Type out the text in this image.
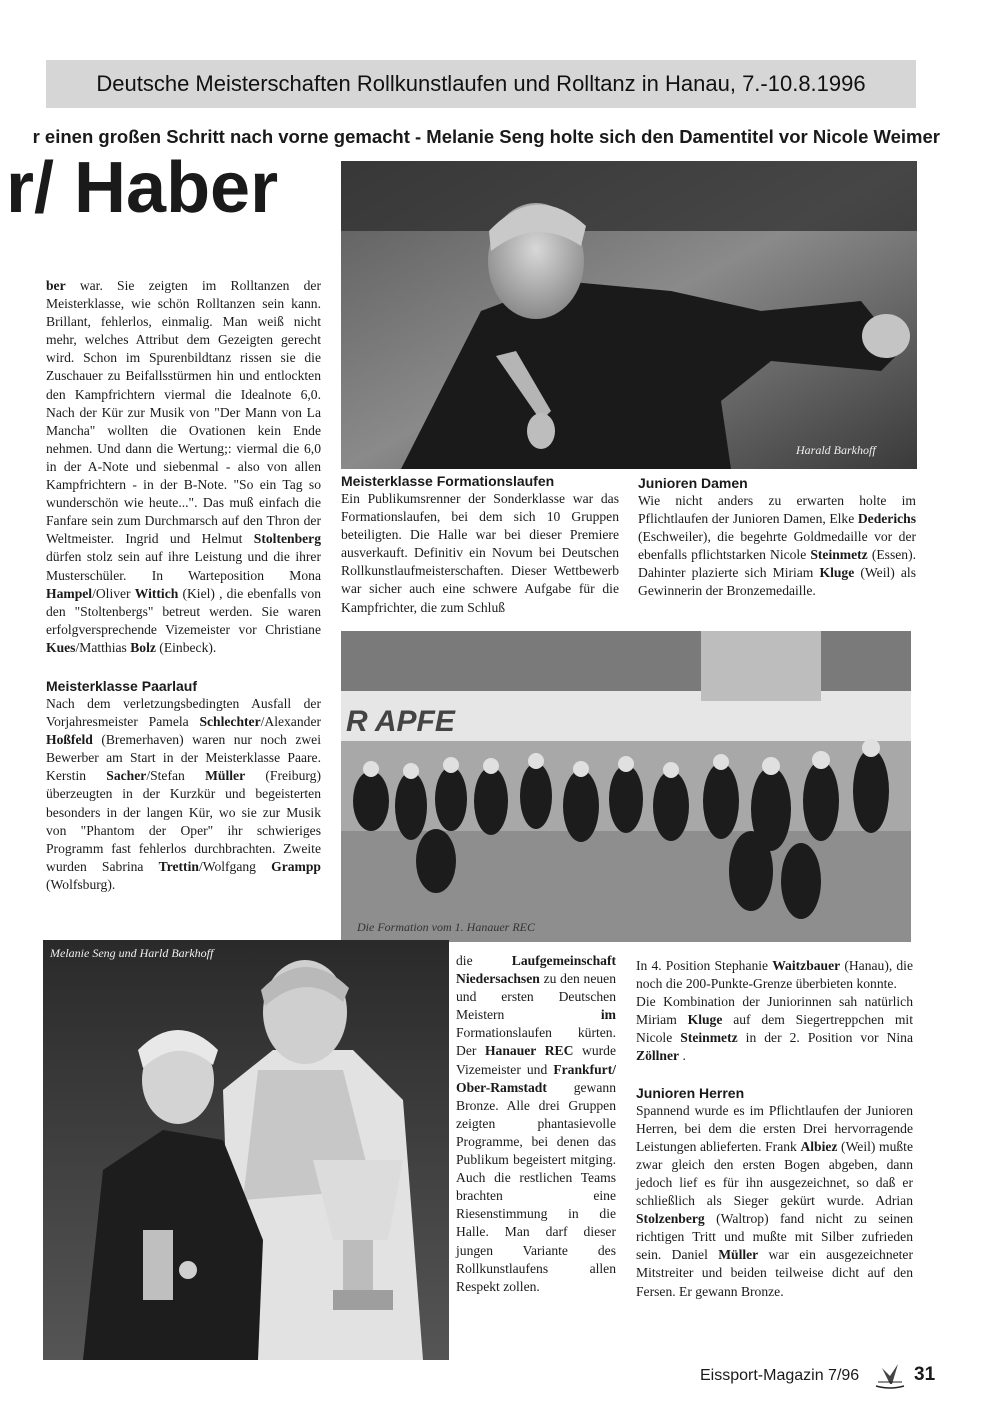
Deutsche Meisterschaften Rollkunstlaufen und Rolltanz in Hanau, 7.-10.8.1996
r einen großen Schritt nach vorne gemacht - Melanie Seng holte sich den Damentitel vor Nicole Weimer
r/ Haber
Harald Barkhoff
R APFE
Die Formation vom 1. Hanauer REC
Melanie Seng und Harld Barkhoff

ber war. Sie zeigten im Rolltanzen der Meisterklasse, wie schön Rolltanzen sein kann. Brillant, fehlerlos, einmalig. Man weiß nicht mehr, welches Attribut dem Gezeigten gerecht wird. Schon im Spurenbildtanz rissen sie die Zuschauer zu Beifallsstürmen hin und entlockten den Kampfrichtern viermal die Idealnote 6,0. Nach der Kür zur Musik von "Der Mann von La Mancha" wollten die Ovationen kein Ende nehmen. Und dann die Wertung;: viermal die 6,0 in der A-Note und siebenmal - also von allen Kampfrichtern - in der B-Note. "So ein Tag so wunderschön wie heute...". Das muß einfach die Fanfare sein zum Durchmarsch auf den Thron der Weltmeister. Ingrid und Helmut Stoltenberg dürfen stolz sein auf ihre Leistung und die ihrer Musterschüler. In Warteposition Mona Hampel/Oliver Wittich (Kiel) , die ebenfalls von den "Stoltenbergs" betreut werden. Sie waren erfolgversprechende Vizemeister vor Christiane Kues/Matthias Bolz (Einbeck).

Meisterklasse Paarlauf

Nach dem verletzungsbedingten Ausfall der Vorjahresmeister Pamela Schlechter/Alexander Hoßfeld (Bremerhaven) waren nur noch zwei Bewerber am Start in der Meisterklasse Paare. Kerstin Sacher/Stefan Müller (Freiburg) überzeugten in der Kurzkür und begeisterten besonders in der langen Kür, wo sie zur Musik von "Phantom der Oper" ihr schwieriges Programm fast fehlerlos durchbrachten. Zweite wurden Sabrina Trettin/Wolfgang Grampp (Wolfsburg).

Meisterklasse Formationslaufen

Ein Publikumsrenner der Sonderklasse war das Formationslaufen, bei dem sich 10 Gruppen beteiligten. Die Halle war bei dieser Premiere ausverkauft. Definitiv ein Novum bei Deutschen Rollkunstlaufmeisterschaften. Dieser Wettbewerb war sicher auch eine schwere Aufgabe für die Kampfrichter, die zum Schluß

Junioren Damen

Wie nicht anders zu erwarten holte im Pflichtlaufen der Junioren Damen, Elke Dederichs (Eschweiler), die begehrte Goldmedaille vor der ebenfalls pflichtstarken Nicole Steinmetz (Essen). Dahinter plazierte sich Miriam Kluge (Weil) als Gewinnerin der Bronzemedaille.

die Laufgemeinschaft Niedersachsen zu den neuen und ersten Deutschen Meistern im Formationslaufen kürten. Der Hanauer REC wurde Vizemeister und Frankfurt/ Ober-Ramstadt gewann Bronze. Alle drei Gruppen zeigten phantasievolle Programme, bei denen das Publikum begeistert mitging. Auch die restlichen Teams brachten eine Riesenstimmung in die Halle. Man darf dieser jungen Variante des Rollkunstlaufens allen Respekt zollen.

In 4. Position Stephanie Waitzbauer (Hanau), die noch die 200-Punkte-Grenze überbieten konnte.

Die Kombination der Juniorinnen sah natürlich Miriam Kluge auf dem Siegertreppchen mit Nicole Steinmetz in der 2. Position vor Nina Zöllner .

Junioren Herren

Spannend wurde es im Pflichtlaufen der Junioren Herren, bei dem die ersten Drei hervorragende Leistungen ablieferten. Frank Albiez (Weil) mußte zwar gleich den ersten Bogen abgeben, dann jedoch lief es für ihn ausgezeichnet, so daß er schließlich als Sieger gekürt wurde. Adrian Stolzenberg (Waltrop) fand nicht zu seinen richtigen Tritt und mußte mit Silber zufrieden sein. Daniel Müller war ein ausgezeichneter Mitstreiter und beiden teilweise dicht auf den Fersen. Er gewann Bronze.

Eissport-Magazin 7/96	31
